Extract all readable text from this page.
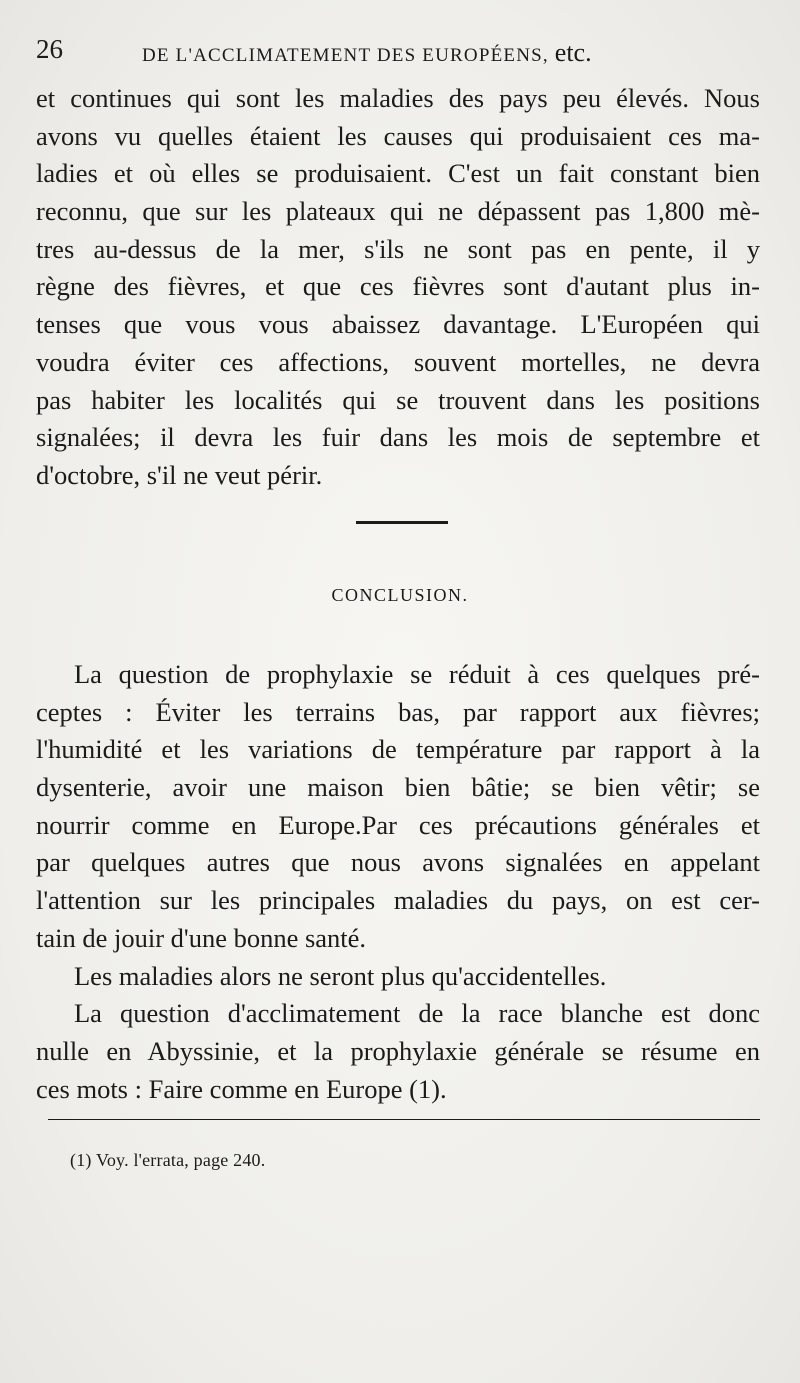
26	DE L'ACCLIMATEMENT DES EUROPÉENS, etc.
et continues qui sont les maladies des pays peu élevés. Nous
avons vu quelles étaient les causes qui produisaient ces ma-
ladies et où elles se produisaient. C'est un fait constant bien
reconnu, que sur les plateaux qui ne dépassent pas 1,800 mè-
tres au-dessus de la mer, s'ils ne sont pas en pente, il y
règne des fièvres, et que ces fièvres sont d'autant plus in-
tenses que vous vous abaissez davantage. L'Européen qui
voudra éviter ces affections, souvent mortelles, ne devra
pas habiter les localités qui se trouvent dans les positions
signalées; il devra les fuir dans les mois de septembre et
d'octobre, s'il ne veut périr.
CONCLUSION.
La question de prophylaxie se réduit à ces quelques pré-
ceptes : Éviter les terrains bas, par rapport aux fièvres;
l'humidité et les variations de température par rapport à la
dysenterie, avoir une maison bien bâtie; se bien vêtir; se
nourrir comme en Europe.Par ces précautions générales et
par quelques autres que nous avons signalées en appelant
l'attention sur les principales maladies du pays, on est cer-
tain de jouir d'une bonne santé.
Les maladies alors ne seront plus qu'accidentelles.
La question d'acclimatement de la race blanche est donc
nulle en Abyssinie, et la prophylaxie générale se résume en
ces mots : Faire comme en Europe (1).
(1) Voy. l'errata, page 240.
